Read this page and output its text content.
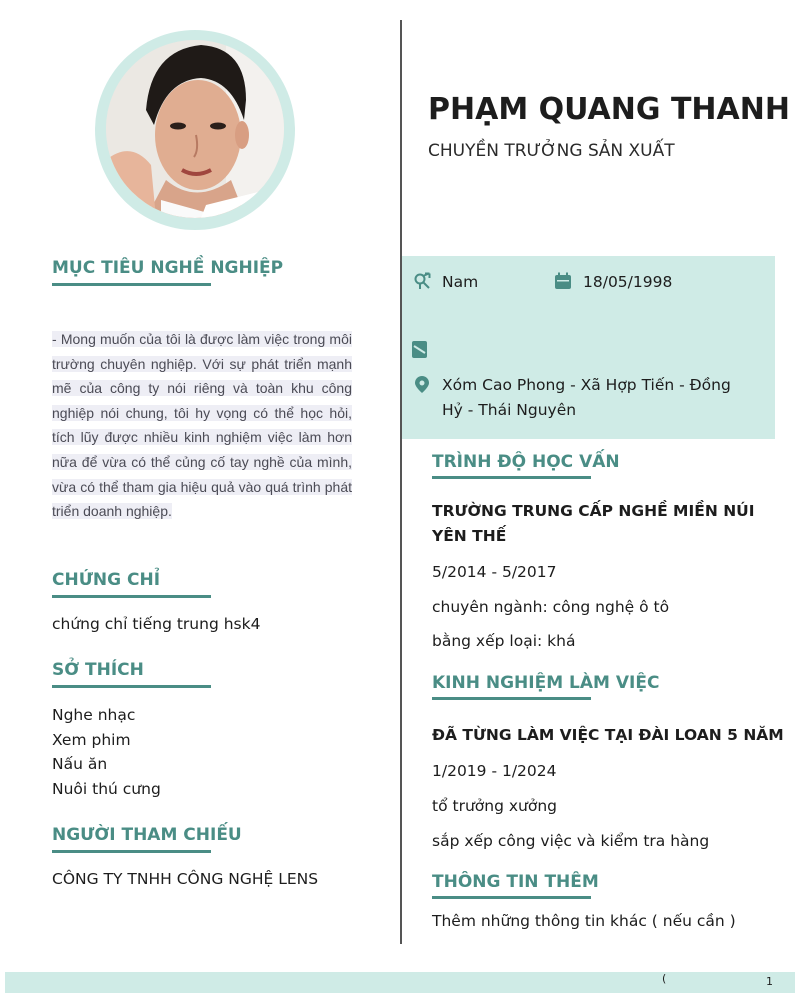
MỤC TIÊU NGHỀ NGHIỆP
- Mong muốn của tôi là được làm việc trong môi trường chuyên nghiệp. Với sự phát triển mạnh mẽ của công ty nói riêng và toàn khu công nghiệp nói chung, tôi hy vọng có thể học hỏi, tích lũy được nhiều kinh nghiệm việc làm hơn nữa để vừa có thể củng cố tay nghề của mình, vừa có thể tham gia hiệu quả vào quá trình phát triển doanh nghiệp.
CHỨNG CHỈ
chứng chỉ tiếng trung hsk4
SỞ THÍCH
Nghe nhạc
Xem phim
Nấu ăn
Nuôi thú cưng
NGƯỜI THAM CHIẾU
CÔNG TY TNHH CÔNG NGHỆ LENS
PHẠM QUANG THANH
CHUYỀN TRƯỞNG SẢN XUẤT
Nam	18/05/1998
Xóm Cao Phong - Xã Hợp Tiến - Đồng
Hỷ - Thái Nguyên
TRÌNH ĐỘ HỌC VẤN
TRƯỜNG TRUNG CẤP NGHỀ MIỀN NÚI YÊN THẾ
5/2014 - 5/2017
chuyên ngành: công nghệ ô tô
bằng xếp loại: khá
KINH NGHIỆM LÀM VIỆC
ĐÃ TỪNG LÀM VIỆC TẠI ĐÀI LOAN 5 NĂM
1/2019 - 1/2024
tổ trưởng xưởng
sắp xếp công việc và kiểm tra hàng
THÔNG TIN THÊM
Thêm những thông tin khác ( nếu cần )
(	1
